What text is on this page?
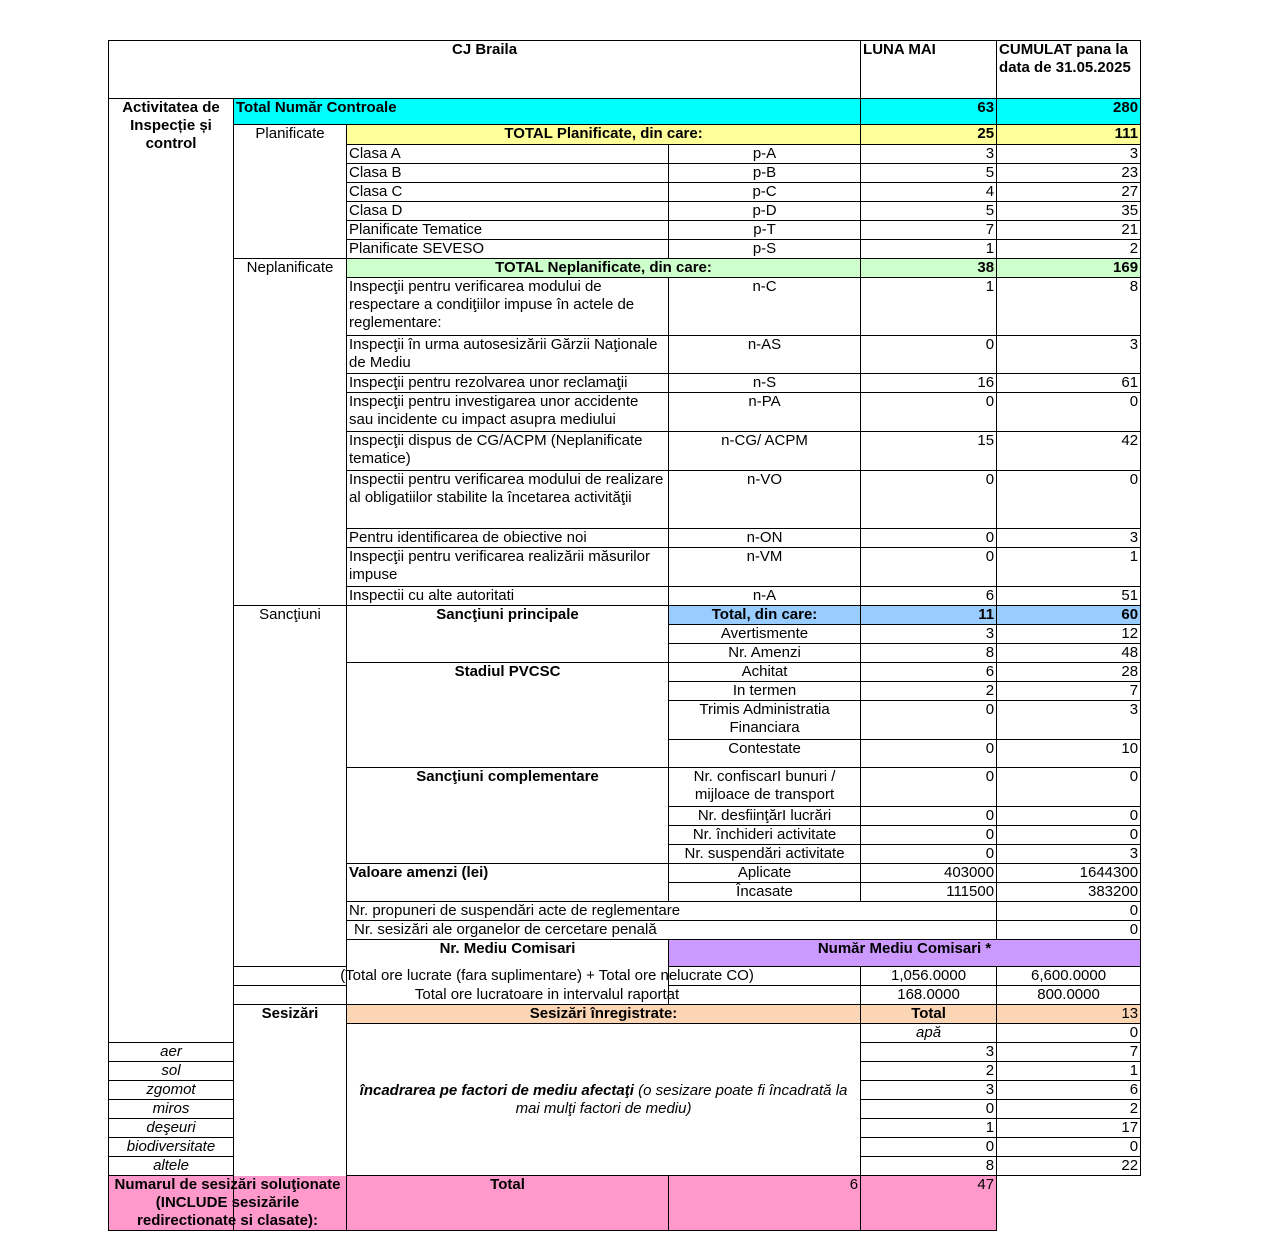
CJ Braila				LUNA MAI	CUMULAT pana la data de 31.05.2025	
Activitatea de Inspecție și control	Total Număr Controale			63	280	
	Planificate	TOTAL Planificate, din care:		25	111	
		Clasa A	p-A	3	3	
		Clasa B	p-B	5	23	
		Clasa C	p-C	4	27	
		Clasa D	p-D	5	35	
		Planificate Tematice	p-T	7	21	
		Planificate SEVESO	p-S	1	2	
	Neplanificate	TOTAL Neplanificate, din care:		38	169	
		Inspecţii pentru verificarea modului de respectare a condiţiilor impuse în actele de reglementare:	n-C	1	8	
		Inspecţii în urma autosesizării Gărzii Naţionale de Mediu	n-AS	0	3	
		Inspecţii pentru rezolvarea unor reclamaţii	n-S	16	61	
		Inspecţii pentru investigarea unor accidente sau incidente cu impact asupra mediului	n-PA	0	0	
		Inspecţii dispus de CG/ACPM (Neplanificate tematice)	n-CG/ ACPM	15	42	
		Inspectii pentru verificarea modului de realizare al obligatiilor stabilite la încetarea activităţii	n-VO	0	0	
		Pentru identificarea de obiective noi	n-ON	0	3	
		Inspecţii pentru verificarea realizării măsurilor impuse	n-VM	0	1	
		Inspectii cu alte autoritati	n-A	6	51	
	Sancţiuni	Sancţiuni principale	Total, din care:	11	60	
			Avertismente	3	12	
			Nr. Amenzi	8	48	
		Stadiul PVCSC	Achitat	6	28	
			In termen	2	7	
			Trimis Administratia Financiara	0	3	
			Contestate	0	10	
		Sancţiuni complementare	Nr. confiscarI bunuri / mijloace de transport	0	0	
			Nr. desfiinţărI lucrări	0	0	
			Nr. închideri activitate	0	0	
			Nr. suspendări activitate	0	3	
		Valoare amenzi (lei)	Aplicate	403000	1644300	
			Încasate	111500	383200	
		Nr. propuneri de suspendări acte de reglementare			0	
		Nr. sesizări ale organelor de cercetare penală			0	
		Nr. Mediu Comisari	Număr Mediu Comisari *		
	(Total ore lucrate (fara suplimentare) + Total ore nelucrate CO)			1,056.0000	6,600.0000	
	Total ore lucratoare in intervalul raportat			168.0000	800.0000	
	Sesizări	Sesizări înregistrate:		Total	13	
		încadrarea pe factori de mediu afectaţi (o sesizare poate fi încadrată la mai mulţi factori de mediu)		apă	0	
aer				3	7	
sol				2	1	
zgomot				3	6	
miros				0	2	
deşeuri				1	17	
biodiversitate				0	0	
altele				8	22	
Numarul de sesizări soluţionate (INCLUDE sesizările redirectionate si clasate):		Total	6	47		
